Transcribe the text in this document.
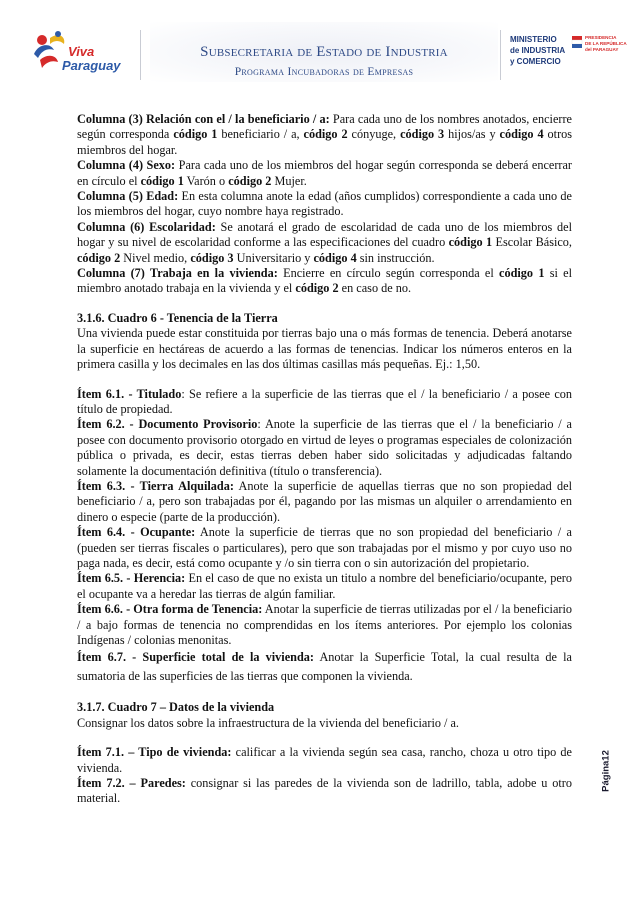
Viva
Paraguay
Subsecretaria de Estado de Industria
Programa Incubadoras de Empresas
MINISTERIO
de INDUSTRIA
y COMERCIO
PRESIDENCIA
DE LA REPÚBLICA
del PARAGUAY

Columna (3) Relación con el / la beneficiario / a: Para cada uno de los nombres anotados, encierre según corresponda código 1 beneficiario / a, código 2 cónyuge, código 3 hijos/as y código 4 otros miembros del hogar.

Columna (4) Sexo: Para cada uno de los miembros del hogar según corresponda se deberá encerrar en círculo el código 1 Varón o código 2 Mujer.

Columna (5) Edad: En esta columna anote la edad (años cumplidos) correspondiente a cada uno de los miembros del hogar, cuyo nombre haya registrado.

Columna (6) Escolaridad: Se anotará el grado de escolaridad de cada uno de los miembros del hogar y su nivel de escolaridad conforme a las especificaciones del cuadro código 1 Escolar Básico, código 2 Nivel medio, código 3 Universitario y código 4 sin instrucción.

Columna (7) Trabaja en la vivienda: Encierre en círculo según corresponda el código 1 si el miembro anotado trabaja en la vivienda y el código 2 en caso de no.

3.1.6. Cuadro 6 - Tenencia de la Tierra

Una vivienda puede estar constituida por tierras bajo una o más formas de tenencia. Deberá anotarse la superficie en hectáreas de acuerdo a las formas de tenencias. Indicar los números enteros en la primera casilla y los decimales en las dos últimas casillas más pequeñas. Ej.: 1,50.

Ítem 6.1. - Titulado: Se refiere a la superficie de las tierras que el / la beneficiario / a posee con título de propiedad.

Ítem 6.2. - Documento Provisorio: Anote la superficie de las tierras que el / la beneficiario / a posee con documento provisorio otorgado en virtud de leyes o programas especiales de colonización pública o privada, es decir, estas tierras deben haber sido solicitadas y adjudicadas faltando solamente la documentación definitiva (título o transferencia).

Ítem 6.3. - Tierra Alquilada: Anote la superficie de aquellas tierras que no son propiedad del beneficiario / a, pero son trabajadas por él, pagando por las mismas un alquiler o arrendamiento en dinero o especie (parte de la producción).

Ítem 6.4. - Ocupante: Anote la superficie de tierras que no son propiedad del beneficiario / a (pueden ser tierras fiscales o particulares), pero que son trabajadas por el mismo y por cuyo uso no paga nada, es decir, está como ocupante y /o sin tierra con o sin autorización del propietario.

Ítem 6.5. - Herencia: En el caso de que no exista un titulo a nombre del beneficiario/ocupante, pero el ocupante va a heredar las tierras de algún familiar.

Ítem 6.6. - Otra forma de Tenencia: Anotar la superficie de tierras utilizadas por el / la beneficiario / a bajo formas de tenencia no comprendidas en los ítems anteriores. Por ejemplo los colonias Indígenas / colonias menonitas.

Ítem 6.7. - Superficie total de la vivienda: Anotar la Superficie Total, la cual resulta de la sumatoria de las superficies de las tierras que componen la vivienda.

3.1.7. Cuadro 7 – Datos de la vivienda

Consignar los datos sobre la infraestructura de la vivienda del beneficiario / a.

Ítem 7.1. – Tipo de vivienda: calificar a la vivienda según sea casa, rancho, choza u otro tipo de vivienda.

Ítem 7.2. – Paredes: consignar si las paredes de la vivienda son de ladrillo, tabla, adobe u otro material.

Página12
